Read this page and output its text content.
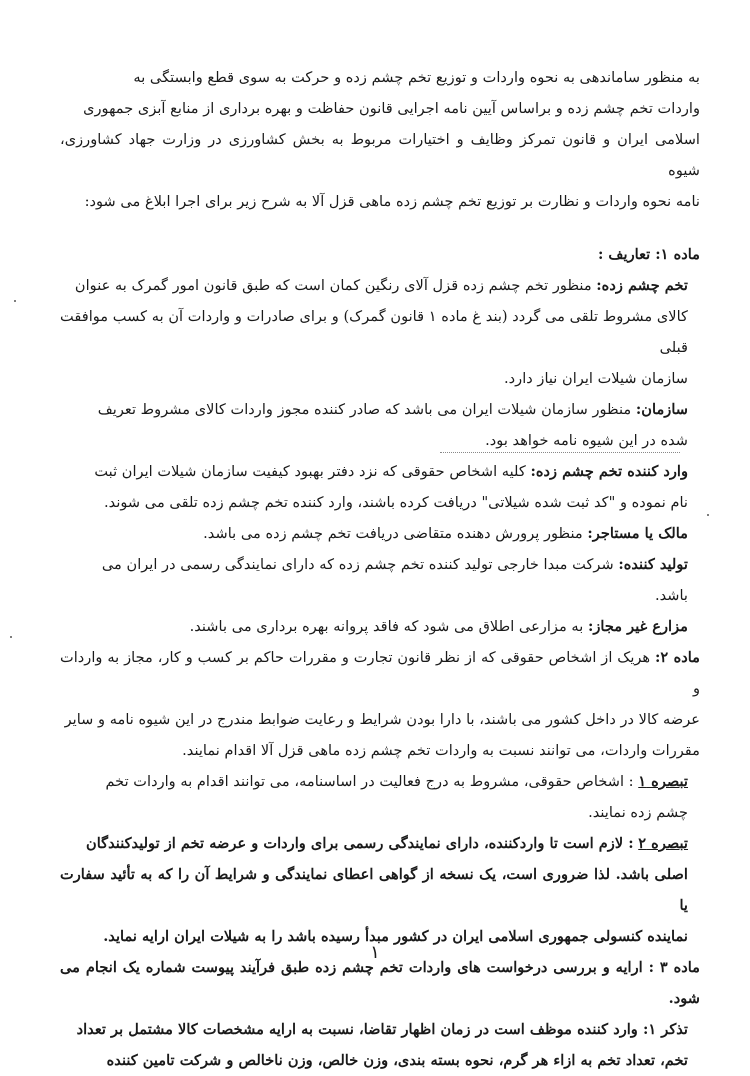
به منظور ساماندهی به نحوه واردات و توزیع تخم چشم زده و حرکت به سوی قطع وابستگی به

واردات تخم چشم زده و براساس آیین نامه اجرایی قانون حفاظت و بهره برداری از منابع آبزی جمهوری

اسلامی ایران و قانون تمرکز وظایف و اختیارات مربوط به بخش کشاورزی در وزارت جهاد کشاورزی، شیوه

نامه نحوه واردات و نظارت بر توزیع تخم چشم زده ماهی قزل آلا به شرح زیر برای اجرا ابلاغ می شود:

ماده ۱: تعاریف :

تخم چشم زده: منظور تخم چشم زده قزل آلای رنگین کمان است که طبق قانون امور گمرک به عنوان

کالای مشروط تلقی می گردد (بند غ ماده ۱ قانون گمرک) و برای صادرات و واردات آن به کسب موافقت قبلی

سازمان شیلات ایران نیاز دارد.

سازمان: منظور سازمان شیلات ایران می باشد که صادر کننده مجوز واردات کالای مشروط تعریف

شده در این شیوه نامه خواهد بود.

وارد کننده تخم چشم زده: کلیه اشخاص حقوقی که نزد دفتر بهبود کیفیت سازمان شیلات ایران ثبت

نام نموده و "کد ثبت شده شیلاتی" دریافت کرده باشند، وارد کننده تخم چشم زده تلقی می شوند.

مالک یا مستاجر: منظور پرورش دهنده متقاضی دریافت تخم چشم زده می باشد.

تولید کننده: شرکت مبدا خارجی تولید کننده تخم چشم زده که دارای نمایندگی رسمی در ایران می

باشد.

مزارع غیر مجاز: به مزارعی اطلاق می شود که فاقد پروانه بهره برداری می باشند.

ماده ۲: هریک از اشخاص حقوقی که از نظر قانون تجارت و مقررات حاکم بر کسب و کار، مجاز به واردات و

عرضه کالا در داخل کشور می باشند، با دارا بودن شرایط و رعایت ضوابط مندرج در این شیوه نامه و سایر

مقررات واردات، می توانند نسبت به واردات تخم چشم زده ماهی قزل آلا اقدام نمایند.

تبصره ۱ : اشخاص حقوقی، مشروط به درج فعالیت در اساسنامه، می توانند اقدام به واردات تخم

چشم زده نمایند.

تبصره ۲ : لازم است تا واردکننده، دارای نمایندگی رسمی برای واردات و عرضه تخم از تولیدکنندگان

اصلی باشد. لذا ضروری است، یک نسخه از گواهی اعطای نمایندگی و شرایط آن را که به تأئید سفارت یا

نماینده کنسولی جمهوری اسلامی ایران در کشور مبدأ رسیده باشد را به شیلات ایران ارایه نماید.

ماده ۳ : ارایه و بررسی درخواست های واردات تخم چشم زده طبق فرآیند پیوست شماره یک انجام می شود.

تذکر ۱: وارد کننده موظف است در زمان اظهار تقاضا، نسبت به ارایه مشخصات کالا مشتمل بر تعداد

تخم، تعداد تخم به ازاء هر گرم، نحوه بسته بندی، وزن خالص، وزن ناخالص و شرکت تامین کننده

۱
